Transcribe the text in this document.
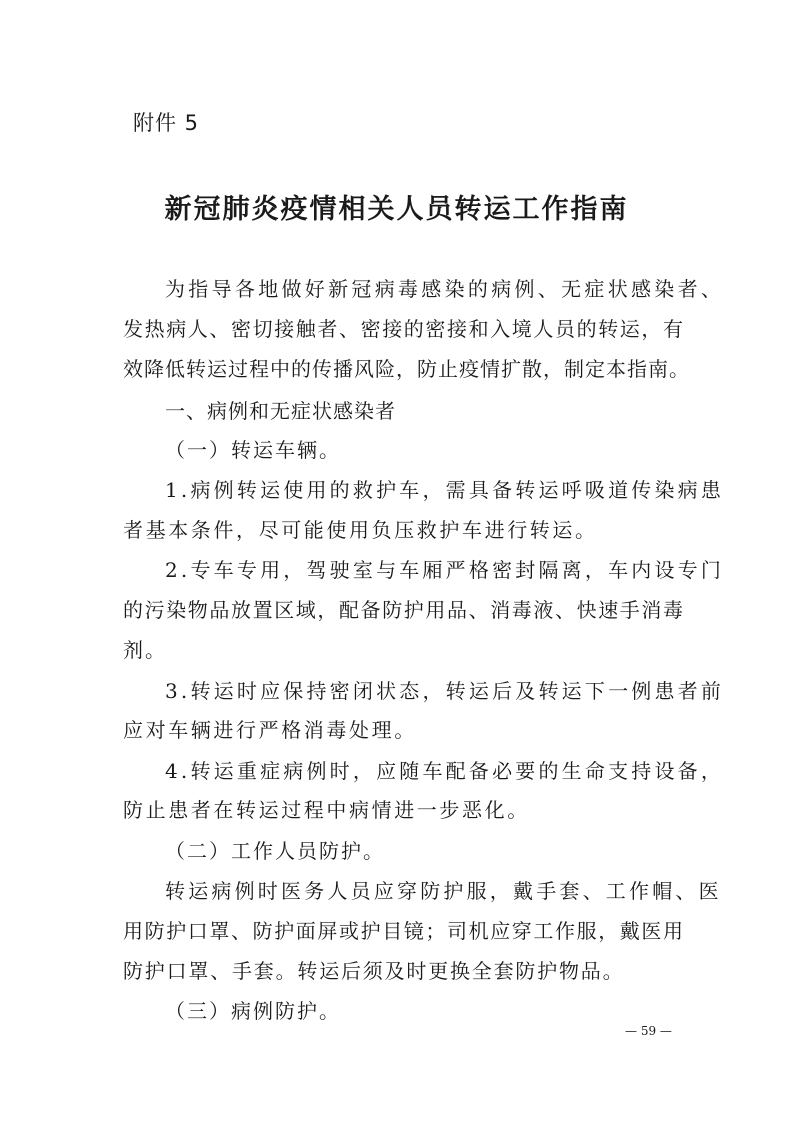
附件 5
新冠肺炎疫情相关人员转运工作指南
为指导各地做好新冠病毒感染的病例、无症状感染者、
发热病人、密切接触者、密接的密接和入境人员的转运，有
效降低转运过程中的传播风险，防止疫情扩散，制定本指南。
一、病例和无症状感染者
（一）转运车辆。
1.病例转运使用的救护车，需具备转运呼吸道传染病患
者基本条件，尽可能使用负压救护车进行转运。
2.专车专用，驾驶室与车厢严格密封隔离，车内设专门
的污染物品放置区域，配备防护用品、消毒液、快速手消毒
剂。
3.转运时应保持密闭状态，转运后及转运下一例患者前
应对车辆进行严格消毒处理。
4.转运重症病例时，应随车配备必要的生命支持设备，
防止患者在转运过程中病情进一步恶化。
（二）工作人员防护。
转运病例时医务人员应穿防护服，戴手套、工作帽、医
用防护口罩、防护面屏或护目镜；司机应穿工作服，戴医用
防护口罩、手套。转运后须及时更换全套防护物品。
（三）病例防护。
— 59 —
